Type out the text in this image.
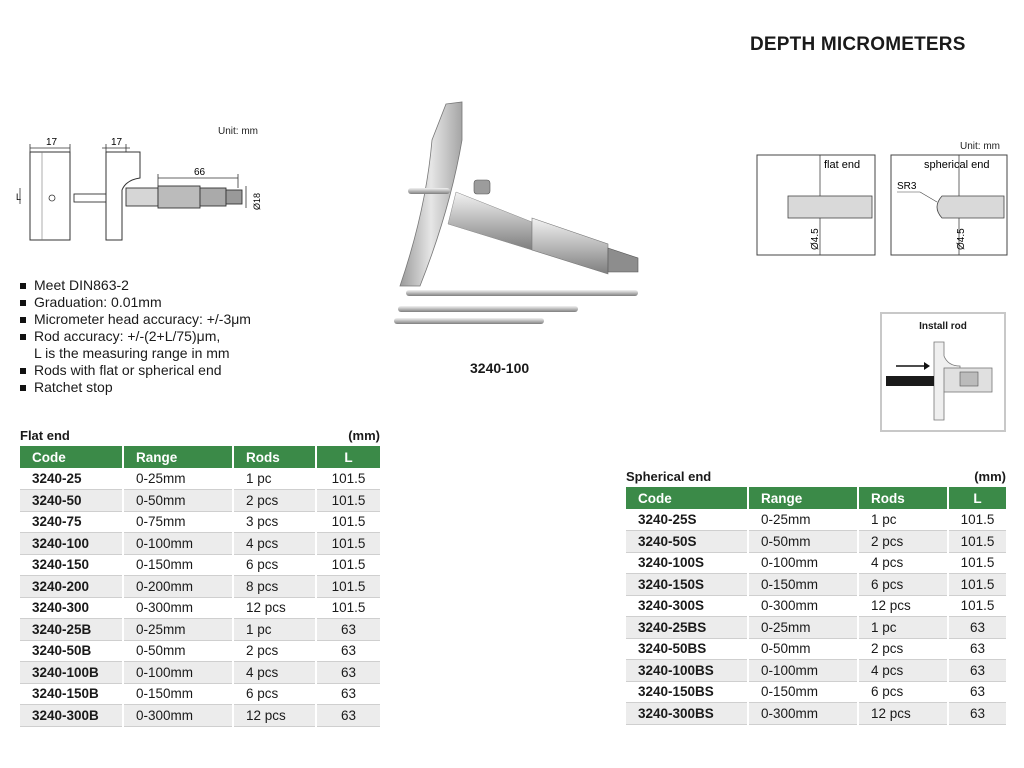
DEPTH MICROMETERS
Unit: mm
17
L
17
66
Ø18
Meet DIN863-2
Graduation: 0.01mm
Micrometer head accuracy: +/-3μm
Rod accuracy: +/-(2+L/75)μm,
L is the measuring range in mm
Rods with flat or spherical end
Ratchet stop
3240-100
Unit: mm
flat end
Ø4.5
spherical end
SR3
Ø4.5
Install rod
Flat end	(mm)
Code	Range	Rods	L
3240-25	0-25mm	1 pc	101.5
3240-50	0-50mm	2 pcs	101.5
3240-75	0-75mm	3 pcs	101.5
3240-100	0-100mm	4 pcs	101.5
3240-150	0-150mm	6 pcs	101.5
3240-200	0-200mm	8 pcs	101.5
3240-300	0-300mm	12 pcs	101.5
3240-25B	0-25mm	1 pc	63
3240-50B	0-50mm	2 pcs	63
3240-100B	0-100mm	4 pcs	63
3240-150B	0-150mm	6 pcs	63
3240-300B	0-300mm	12 pcs	63
Spherical end	(mm)
Code	Range	Rods	L
3240-25S	0-25mm	1 pc	101.5
3240-50S	0-50mm	2 pcs	101.5
3240-100S	0-100mm	4 pcs	101.5
3240-150S	0-150mm	6 pcs	101.5
3240-300S	0-300mm	12 pcs	101.5
3240-25BS	0-25mm	1 pc	63
3240-50BS	0-50mm	2 pcs	63
3240-100BS	0-100mm	4 pcs	63
3240-150BS	0-150mm	6 pcs	63
3240-300BS	0-300mm	12 pcs	63
